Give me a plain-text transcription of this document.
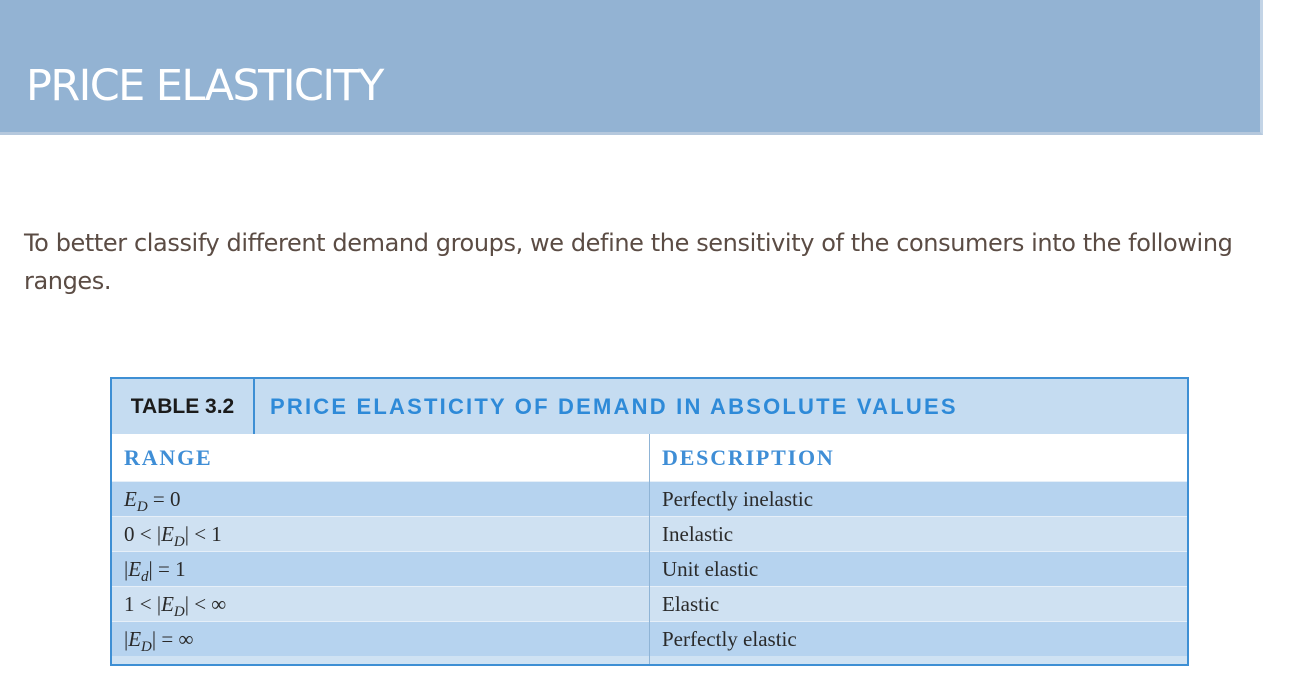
PRICE ELASTICITY

To better classify different demand groups, we define the sensitivity of the consumers into the following ranges.

TABLE 3.2	PRICE ELASTICITY OF DEMAND IN ABSOLUTE VALUES
RANGE	DESCRIPTION
$E_D = 0$	Perfectly inelastic
$0 < |E_D| < 1$	Inelastic
$|E_d| = 1$	Unit elastic
$1 < |E_D|$ < ∞	Elastic
$|E_D|$ = ∞	Perfectly elastic
